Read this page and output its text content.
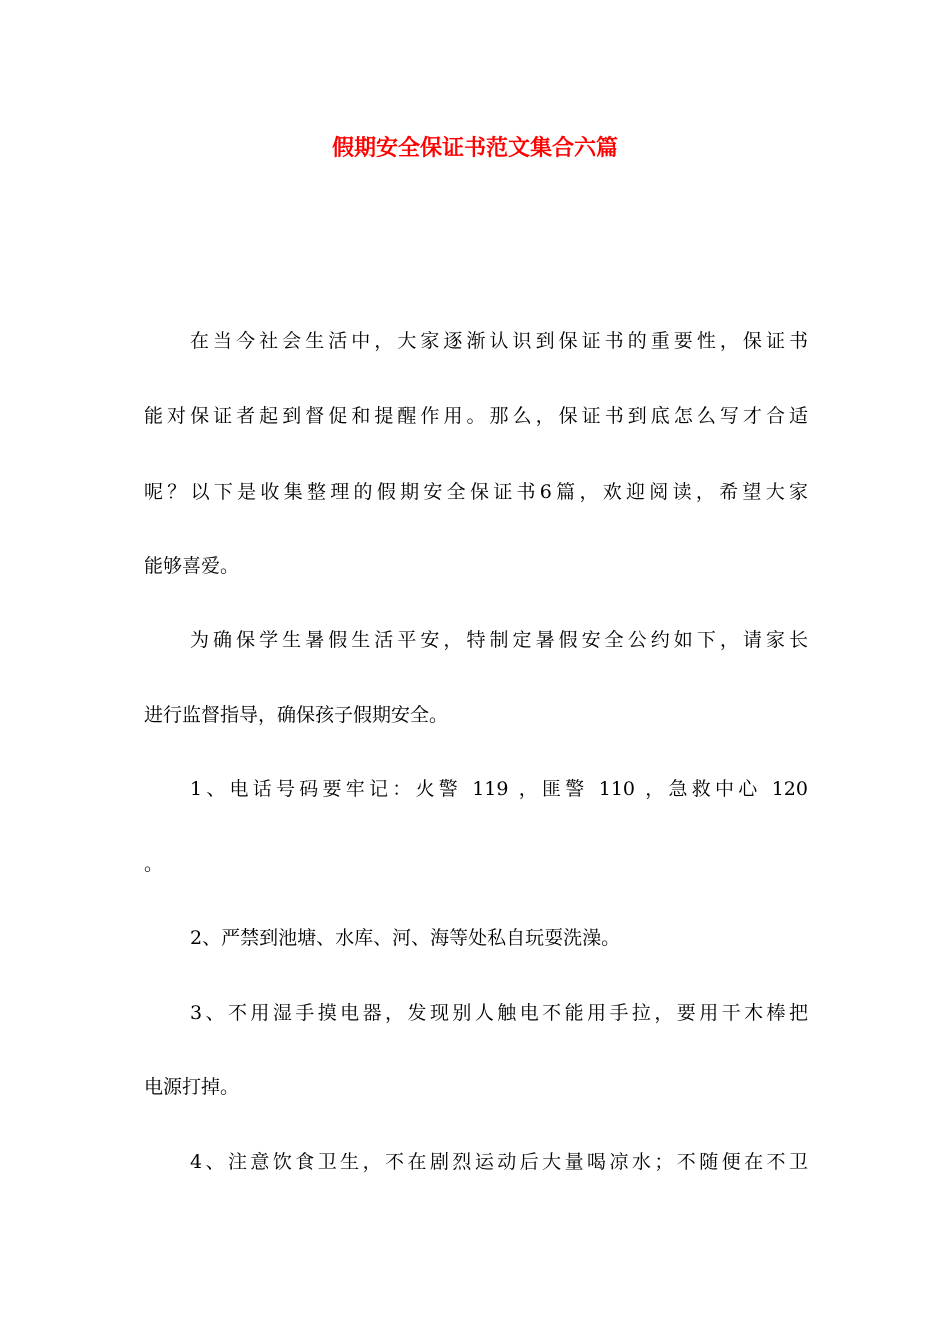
假期安全保证书范文集合六篇

在当今社会生活中，大家逐渐认识到保证书的重要性，保证书

能对保证者起到督促和提醒作用。那么，保证书到底怎么写才合适

呢？以下是收集整理的假期安全保证书6篇，欢迎阅读，希望大家

能够喜爱。

为确保学生暑假生活平安，特制定暑假安全公约如下，请家长

进行监督指导，确保孩子假期安全。

1、电话号码要牢记：火警 119 ，匪警 110 ，急救中心 120

。

2、严禁到池塘、水库、河、海等处私自玩耍洗澡。

3、不用湿手摸电器，发现别人触电不能用手拉，要用干木棒把

电源打掉。

4、注意饮食卫生，不在剧烈运动后大量喝凉水；不随便在不卫
